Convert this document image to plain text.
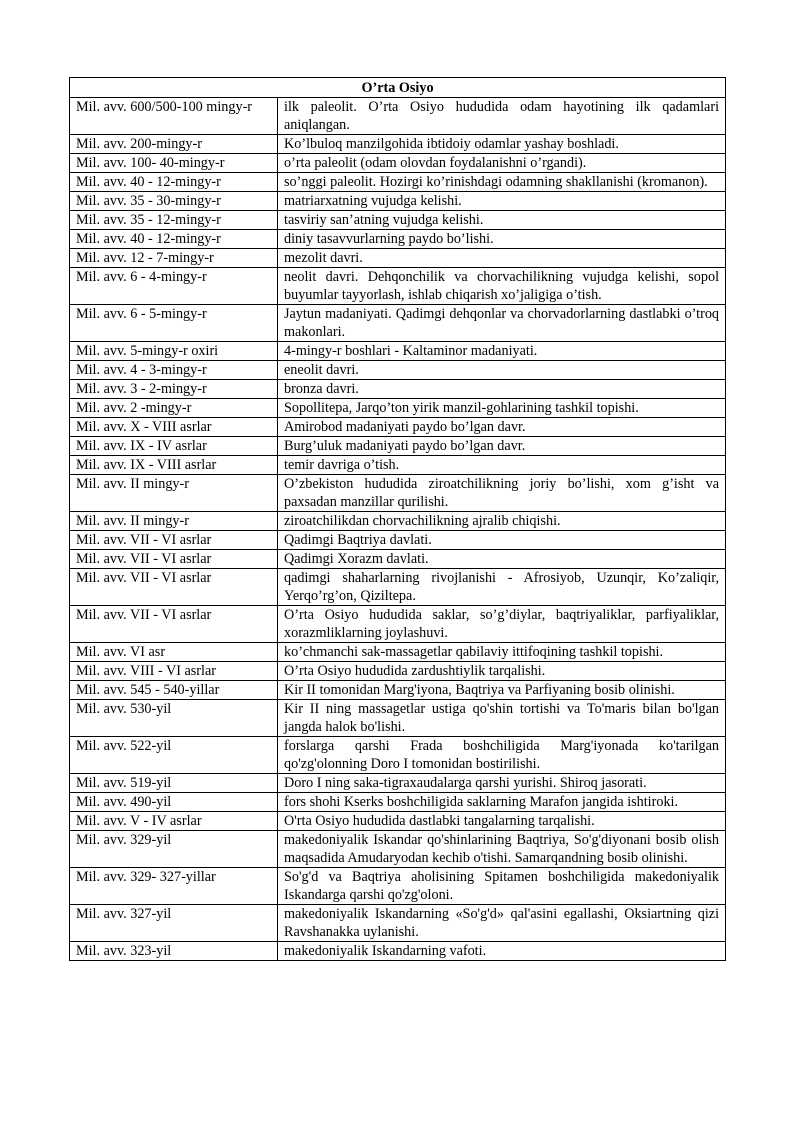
O’rta Osiyo	
Mil. avv. 600/500-100 mingy-r	ilk paleolit. O’rta Osiyo hududida odam hayotining ilk qadamlari aniqlangan.
Mil. avv. 200-mingy-r	Ko’lbuloq manzilgohida ibtidoiy odamlar yashay boshladi.
Mil. avv. 100- 40-mingy-r	o’rta paleolit (odam olovdan foydalanishni o’rgandi).
Mil. avv. 40 - 12-mingy-r	so’nggi paleolit. Hozirgi ko’rinishdagi odamning shakllanishi (kromanon).
Mil. avv. 35 - 30-mingy-r	matriarxatning vujudga kelishi.
Mil. avv. 35 - 12-mingy-r	tasviriy san’atning vujudga kelishi.
Mil. avv. 40 - 12-mingy-r	diniy tasavvurlarning paydo bo’lishi.
Mil. avv. 12 - 7-mingy-r	mezolit davri.
Mil. avv. 6 - 4-mingy-r	neolit davri. Dehqonchilik va chorvachilikning vujudga kelishi, sopol buyumlar tayyorlash, ishlab chiqarish xo’jaligiga o’tish.
Mil. avv. 6 - 5-mingy-r	Jaytun madaniyati. Qadimgi dehqonlar va chorvadorlarning dastlabki o’troq makonlari.
Mil. avv. 5-mingy-r oxiri	4-mingy-r boshlari - Kaltaminor madaniyati.
Mil. avv. 4 - 3-mingy-r	eneolit davri.
Mil. avv. 3 - 2-mingy-r	bronza davri.
Mil. avv. 2 -mingy-r	Sopollitepa, Jarqo’ton yirik manzil-gohlarining tashkil topishi.
Mil. avv. X - VIII asrlar	Amirobod madaniyati paydo bo’lgan davr.
Mil. avv. IX - IV asrlar	Burg’uluk madaniyati paydo bo’lgan davr.
Mil. avv. IX - VIII asrlar	temir davriga o’tish.
Mil. avv. II mingy-r	O’zbekiston hududida ziroatchilikning joriy bo’lishi, xom g’isht va paxsadan manzillar qurilishi.
Mil. avv. II mingy-r	ziroatchilikdan chorvachilikning ajralib chiqishi.
Mil. avv. VII - VI asrlar	Qadimgi Baqtriya davlati.
Mil. avv. VII - VI asrlar	Qadimgi Xorazm davlati.
Mil. avv. VII - VI asrlar	qadimgi shaharlarning rivojlanishi - Afrosiyob, Uzunqir, Ko’zaliqir, Yerqo’rg’on, Qiziltepa.
Mil. avv. VII - VI asrlar	O’rta Osiyo hududida saklar, so’g’diylar, baqtriyaliklar, parfiyaliklar, xorazmliklarning joylashuvi.
Mil. avv. VI asr	ko’chmanchi sak-massagetlar qabilaviy ittifoqining tashkil topishi.
Mil. avv. VIII - VI asrlar	O’rta Osiyo hududida zardushtiylik tarqalishi.
Mil. avv. 545 - 540-yillar	Kir II tomonidan Marg'iyona, Baqtriya va Parfiyaning bosib olinishi.
Mil. avv. 530-yil	Kir II ning massagetlar ustiga qo'shin tortishi va To'maris bilan bo'lgan jangda halok bo'lishi.
Mil. avv. 522-yil	forslarga qarshi Frada boshchiligida Marg'iyonada ko'tarilgan qo'zg'olonning Doro I tomonidan bostirilishi.
Mil. avv. 519-yil	Doro I ning saka-tigraxaudalarga qarshi yurishi. Shiroq jasorati.
Mil. avv. 490-yil	fors shohi Kserks boshchiligida saklarning Marafon jangida ishtiroki.
Mil. avv. V - IV asrlar	O'rta Osiyo hududida dastlabki tangalarning tarqalishi.
Mil. avv. 329-yil	makedoniyalik Iskandar qo'shinlarining Baqtriya, So'g'diyonani bosib olish maqsadida Amudaryodan kechib o'tishi. Samarqandning bosib olinishi.
Mil. avv. 329- 327-yillar	So'g'd va Baqtriya aholisining Spitamen boshchiligida makedoniyalik Iskandarga qarshi qo'zg'oloni.
Mil. avv. 327-yil	makedoniyalik Iskandarning «So'g'd» qal'asini egallashi, Oksiartning qizi Ravshanakka uylanishi.
Mil. avv. 323-yil	makedoniyalik Iskandarning vafoti.
